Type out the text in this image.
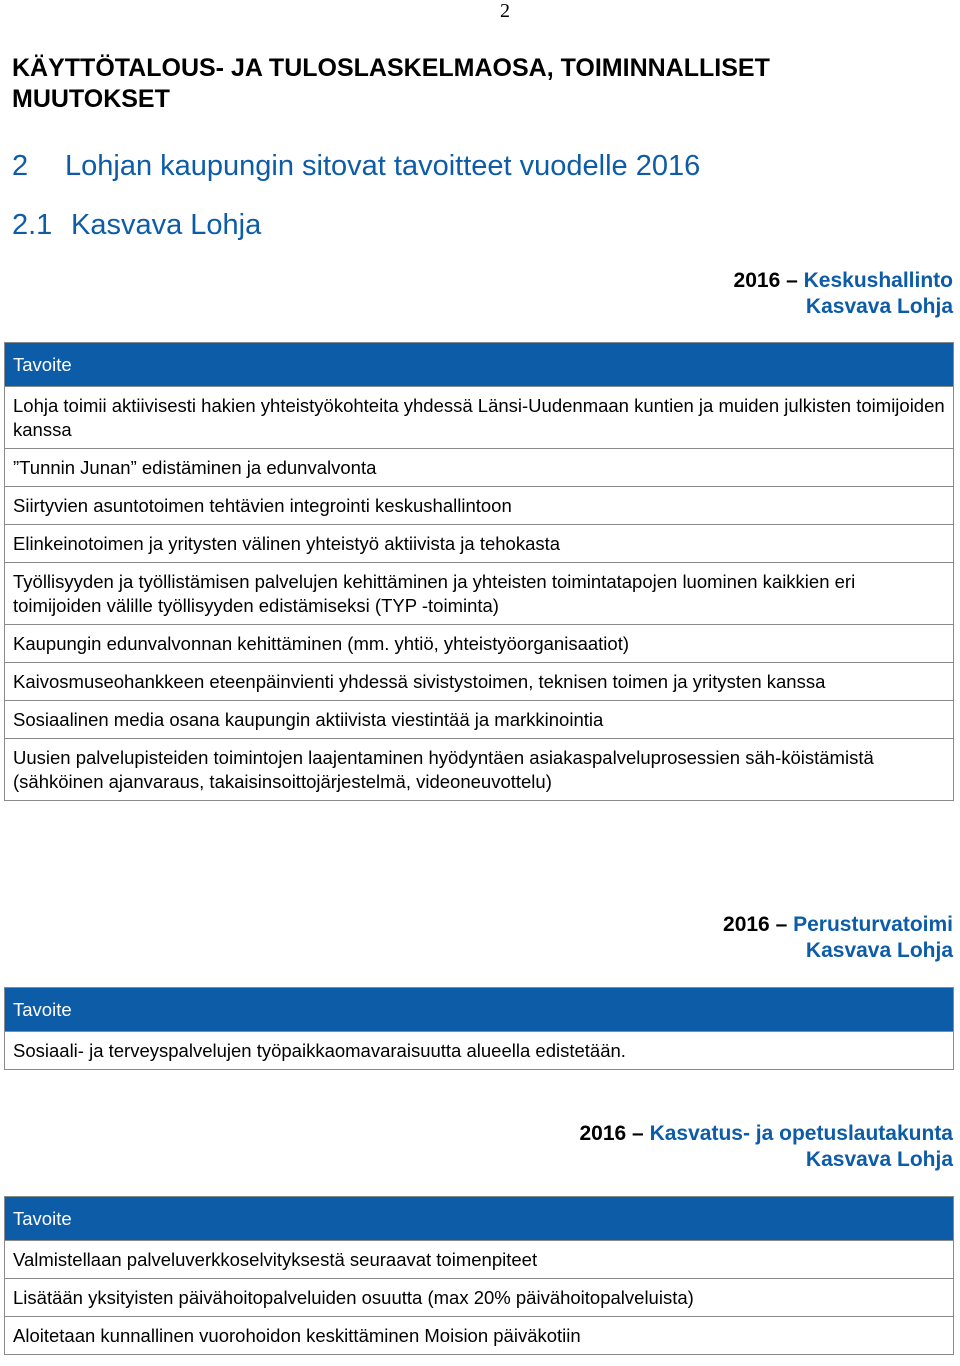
2
KÄYTTÖTALOUS- JA TULOSLASKELMAOSA, TOIMINNALLISET MUUTOKSET
2 Lohjan kaupungin sitovat tavoitteet vuodelle 2016
2.1 Kasvava Lohja
2016 – Keskushallinto
Kasvava Lohja
Tavoite
Lohja toimii aktiivisesti hakien yhteistyökohteita yhdessä Länsi-Uudenmaan kuntien ja muiden julkisten toimijoiden kanssa
”Tunnin Junan” edistäminen ja edunvalvonta
Siirtyvien asuntotoimen tehtävien integrointi keskushallintoon
Elinkeinotoimen ja yritysten välinen yhteistyö aktiivista ja tehokasta
Työllisyyden ja työllistämisen palvelujen kehittäminen ja yhteisten toimintatapojen luominen kaikkien eri toimijoiden välille työllisyyden edistämiseksi (TYP -toiminta)
Kaupungin edunvalvonnan kehittäminen (mm. yhtiö, yhteistyöorganisaatiot)
Kaivosmuseohankkeen eteenpäinvienti yhdessä sivistystoimen, teknisen toimen ja yritysten kanssa
Sosiaalinen media osana kaupungin aktiivista viestintää ja markkinointia
Uusien palvelupisteiden toimintojen laajentaminen hyödyntäen asiakaspalveluprosessien säh-köistämistä (sähköinen ajanvaraus, takaisinsoittojärjestelmä, videoneuvottelu)
2016 – Perusturvatoimi
Kasvava Lohja
Tavoite
Sosiaali- ja terveyspalvelujen työpaikkaomavaraisuutta alueella edistetään.
2016 – Kasvatus- ja opetuslautakunta
Kasvava Lohja
Tavoite
Valmistellaan palveluverkkoselvityksestä seuraavat toimenpiteet
Lisätään yksityisten päivähoitopalveluiden osuutta (max 20% päivähoitopalveluista)
Aloitetaan kunnallinen vuorohoidon keskittäminen Moision päiväkotiin
